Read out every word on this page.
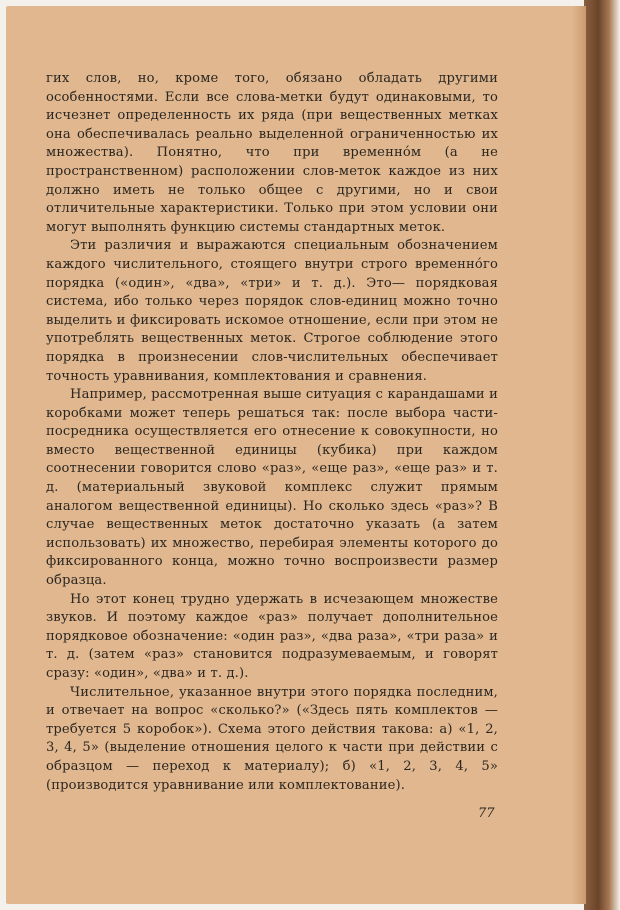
гих слов, но, кроме того, обязано обладать другими особенностями. Если все слова-метки будут одинаковыми, то исчезнет определенность их ряда (при вещественных метках она обеспечивалась реально выделенной ограниченностью их множества). Понятно, что при временно́м (а не пространственном) расположении слов-меток каждое из них должно иметь не только общее с другими, но и свои отличительные характеристики. Только при этом условии они могут выполнять функцию системы стандартных меток.

Эти различия и выражаются специальным обозначением каждого числительного, стоящего внутри строго временно́го порядка («один», «два», «три» и т. д.). Это— порядковая система, ибо только через порядок слов-единиц можно точно выделить и фиксировать искомое отношение, если при этом не употреблять вещественных меток. Строгое соблюдение этого порядка в произнесении слов-числительных обеспечивает точность уравнивания, комплектования и сравнения.

Например, рассмотренная выше ситуация с карандашами и коробками может теперь решаться так: после выбора части-посредника осуществляется его отнесение к совокупности, но вместо вещественной единицы (кубика) при каждом соотнесении говорится слово «раз», «еще раз», «еще раз» и т. д. (материальный звуковой комплекс служит прямым аналогом вещественной единицы). Но сколько здесь «раз»? В случае вещественных меток достаточно указать (а затем использовать) их множество, перебирая элементы которого до фиксированного конца, можно точно воспроизвести размер образца.

Но этот конец трудно удержать в исчезающем множестве звуков. И поэтому каждое «раз» получает дополнительное порядковое обозначение: «один раз», «два раза», «три раза» и т. д. (затем «раз» становится подразумеваемым, и говорят сразу: «один», «два» и т. д.).

Числительное, указанное внутри этого порядка последним, и отвечает на вопрос «сколько?» («Здесь пять комплектов — требуется 5 коробок»). Схема этого действия такова: а) «1, 2, 3, 4, 5» (выделение отношения целого к части при действии с образцом — переход к материалу); б) «1, 2, 3, 4, 5» (производится уравнивание или комплектование).

77
